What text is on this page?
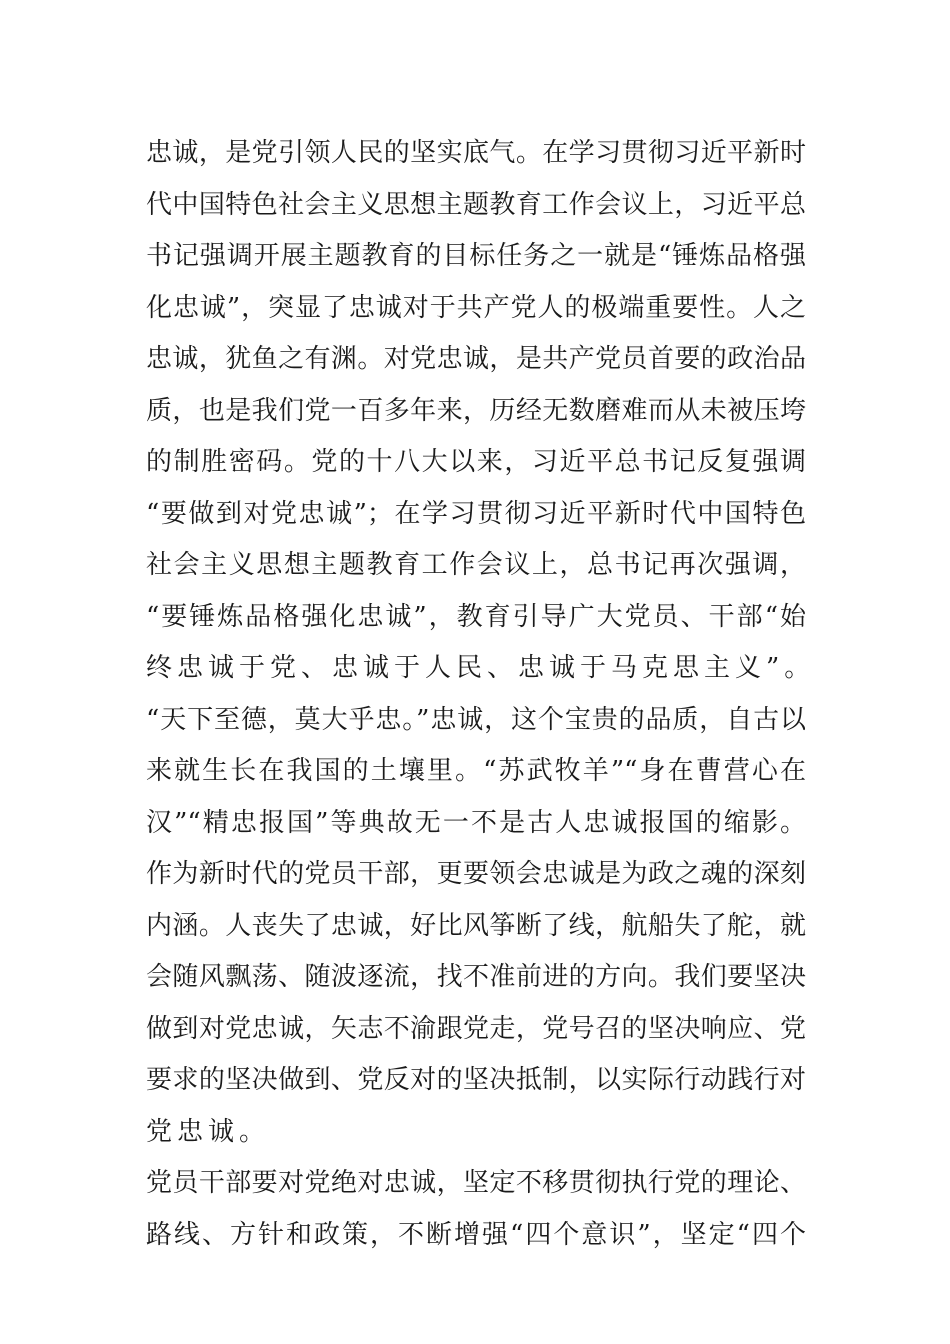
忠诚，是党引领人民的坚实底气。在学习贯彻习近平新时
代中国特色社会主义思想主题教育工作会议上，习近平总
书记强调开展主题教育的目标任务之一就是“锤炼品格强
化忠诚”，突显了忠诚对于共产党人的极端重要性。人之
忠诚，犹鱼之有渊。对党忠诚，是共产党员首要的政治品
质，也是我们党一百多年来，历经无数磨难而从未被压垮
的制胜密码。党的十八大以来，习近平总书记反复强调
“要做到对党忠诚”；在学习贯彻习近平新时代中国特色
社会主义思想主题教育工作会议上，总书记再次强调，
“要锤炼品格强化忠诚”，教育引导广大党员、干部“始
终忠诚于党、忠诚于人民、忠诚于马克思主义”。
“天下至德，莫大乎忠。”忠诚，这个宝贵的品质，自古以
来就生长在我国的土壤里。“苏武牧羊”“身在曹营心在
汉”“精忠报国”等典故无一不是古人忠诚报国的缩影。
作为新时代的党员干部，更要领会忠诚是为政之魂的深刻
内涵。人丧失了忠诚，好比风筝断了线，航船失了舵，就
会随风飘荡、随波逐流，找不准前进的方向。我们要坚决
做到对党忠诚，矢志不渝跟党走，党号召的坚决响应、党
要求的坚决做到、党反对的坚决抵制，以实际行动践行对
党忠诚。
党员干部要对党绝对忠诚，坚定不移贯彻执行党的理论、
路线、方针和政策，不断增强“四个意识”，坚定“四个
